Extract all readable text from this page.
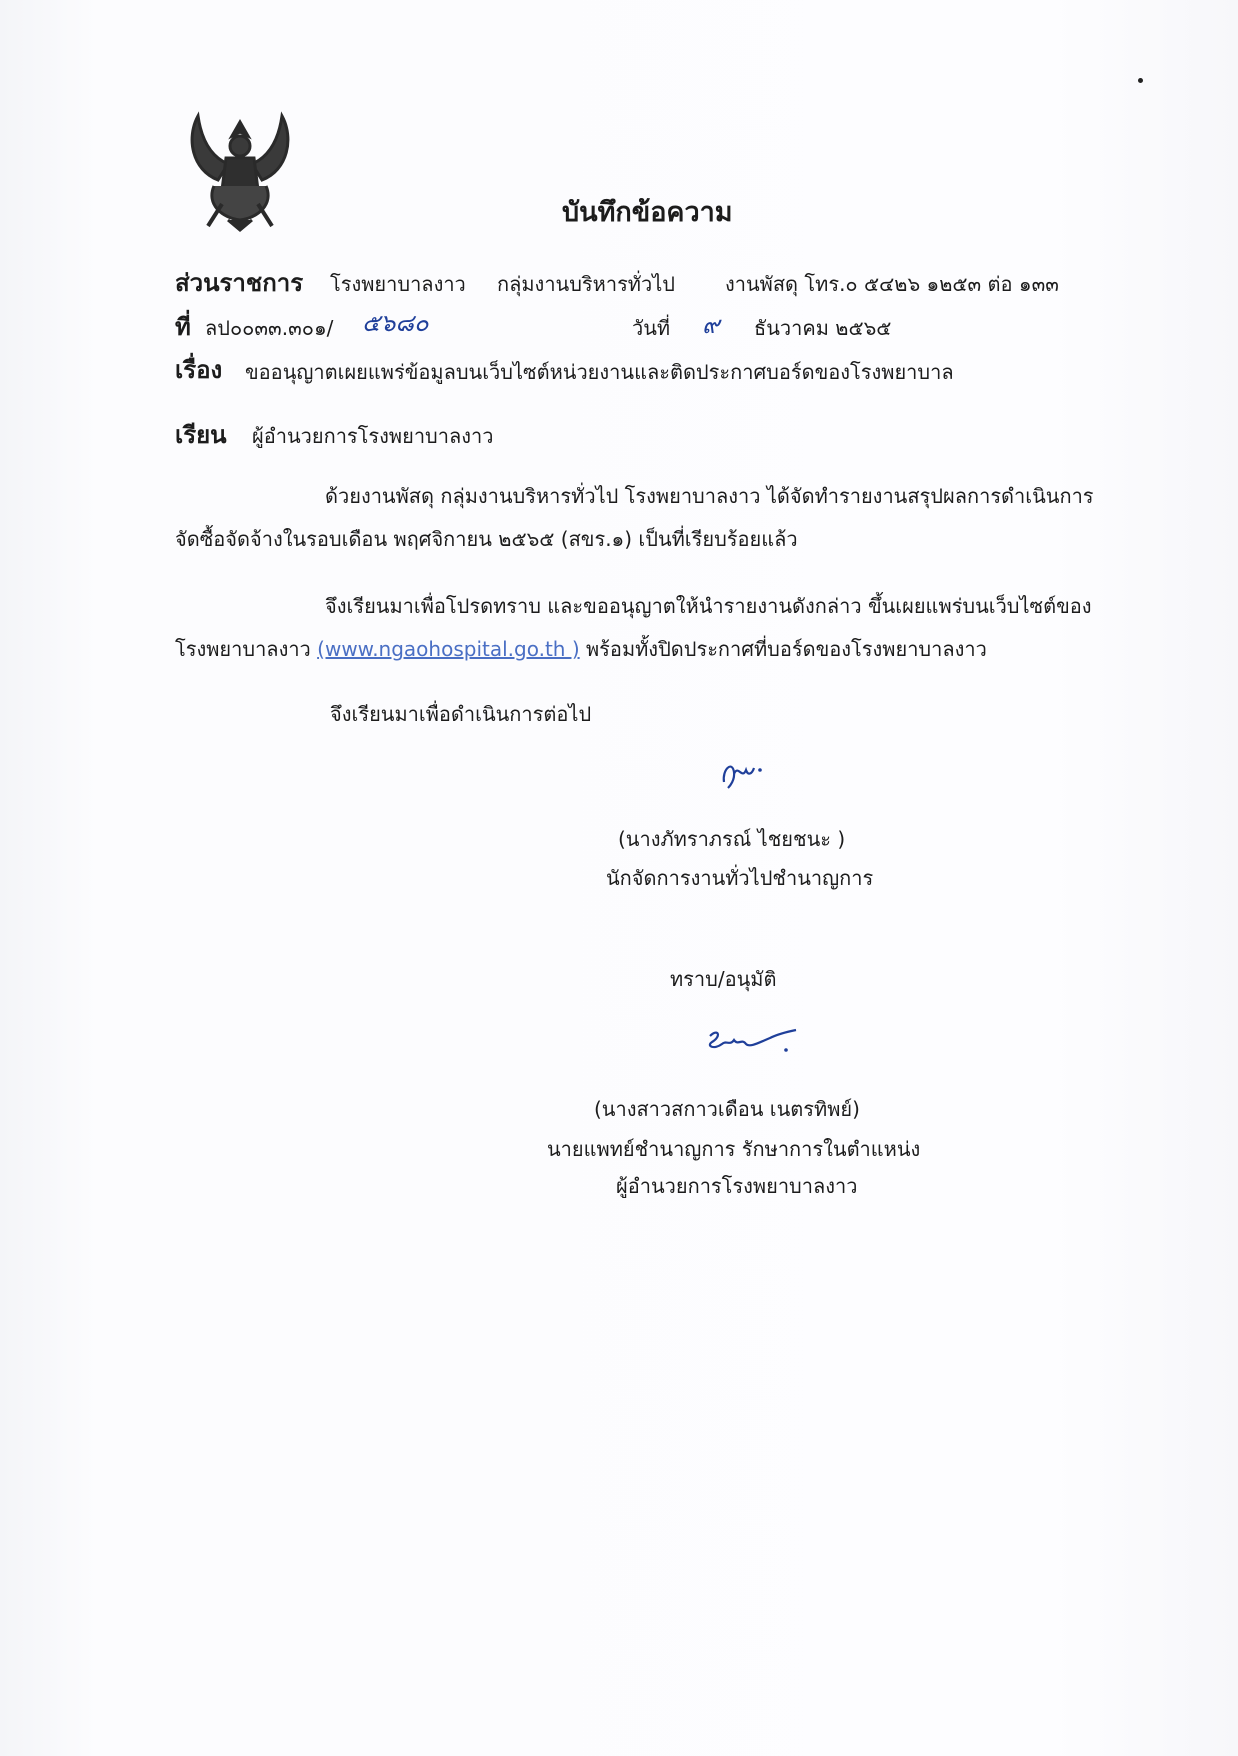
บันทึกข้อความ
ส่วนราชการ โรงพยาบาลงาว กลุ่มงานบริหารทั่วไป	งานพัสดุ โทร.๐ ๕๔๒๖ ๑๒๕๓ ต่อ ๑๓๓
ที่ ลป๐๐๓๓.๓๐๑/ ๕๖๘๐	วันที่ ๙ ธันวาคม ๒๕๖๕
เรื่อง ขออนุญาตเผยแพร่ข้อมูลบนเว็บไซต์หน่วยงานและติดประกาศบอร์ดของโรงพยาบาล
เรียน ผู้อำนวยการโรงพยาบาลงาว
ด้วยงานพัสดุ กลุ่มงานบริหารทั่วไป โรงพยาบาลงาว ได้จัดทำรายงานสรุปผลการดำเนินการ
จัดซื้อจัดจ้างในรอบเดือน พฤศจิกายน ๒๕๖๕ (สขร.๑) เป็นที่เรียบร้อยแล้ว
จึงเรียนมาเพื่อโปรดทราบ และขออนุญาตให้นำรายงานดังกล่าว ขึ้นเผยแพร่บนเว็บไซต์ของ
โรงพยาบาลงาว (www.ngaohospital.go.th ) พร้อมทั้งปิดประกาศที่บอร์ดของโรงพยาบาลงาว
จึงเรียนมาเพื่อดำเนินการต่อไป
(นางภัทราภรณ์ ไชยชนะ )
นักจัดการงานทั่วไปชำนาญการ
ทราบ/อนุมัติ
(นางสาวสกาวเดือน เนตรทิพย์)
นายแพทย์ชำนาญการ รักษาการในตำแหน่ง
ผู้อำนวยการโรงพยาบาลงาว
